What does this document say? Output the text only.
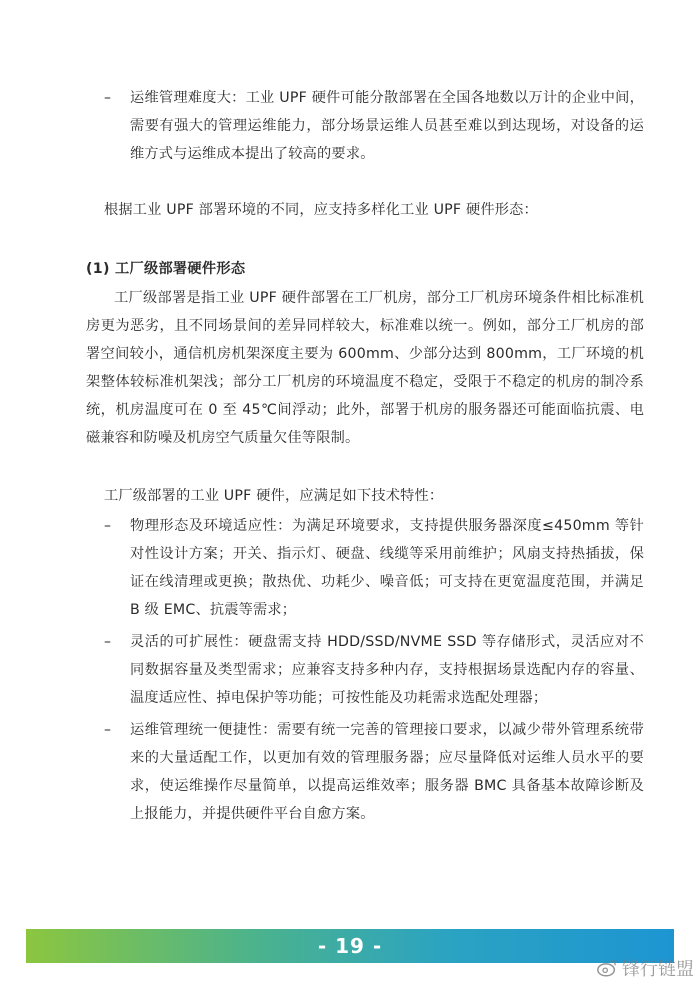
–	运维管理难度大：工业 UPF 硬件可能分散部署在全国各地数以万计的企业中间，需要有强大的管理运维能力，部分场景运维人员甚至难以到达现场，对设备的运维方式与运维成本提出了较高的要求。
根据工业 UPF 部署环境的不同，应支持多样化工业 UPF 硬件形态：
(1) 工厂级部署硬件形态
工厂级部署是指工业 UPF 硬件部署在工厂机房，部分工厂机房环境条件相比标准机房更为恶劣，且不同场景间的差异同样较大，标准难以统一。例如，部分工厂机房的部署空间较小，通信机房机架深度主要为 600mm、少部分达到 800mm，工厂环境的机架整体较标准机架浅；部分工厂机房的环境温度不稳定，受限于不稳定的机房的制冷系统，机房温度可在 0 至 45℃间浮动；此外，部署于机房的服务器还可能面临抗震、电磁兼容和防噪及机房空气质量欠佳等限制。
工厂级部署的工业 UPF 硬件，应满足如下技术特性：
–	物理形态及环境适应性：为满足环境要求，支持提供服务器深度≤450mm 等针对性设计方案；开关、指示灯、硬盘、线缆等采用前维护；风扇支持热插拔，保证在线清理或更换；散热优、功耗少、噪音低；可支持在更宽温度范围，并满足 B 级 EMC、抗震等需求；
–	灵活的可扩展性：硬盘需支持 HDD/SSD/NVME SSD 等存储形式，灵活应对不同数据容量及类型需求；应兼容支持多种内存，支持根据场景选配内存的容量、温度适应性、掉电保护等功能；可按性能及功耗需求选配处理器；
–	运维管理统一便捷性：需要有统一完善的管理接口要求，以减少带外管理系统带来的大量适配工作，以更加有效的管理服务器；应尽量降低对运维人员水平的要求，使运维操作尽量简单，以提高运维效率；服务器 BMC 具备基本故障诊断及上报能力，并提供硬件平台自愈方案。
- 19 -
锋行链盟
